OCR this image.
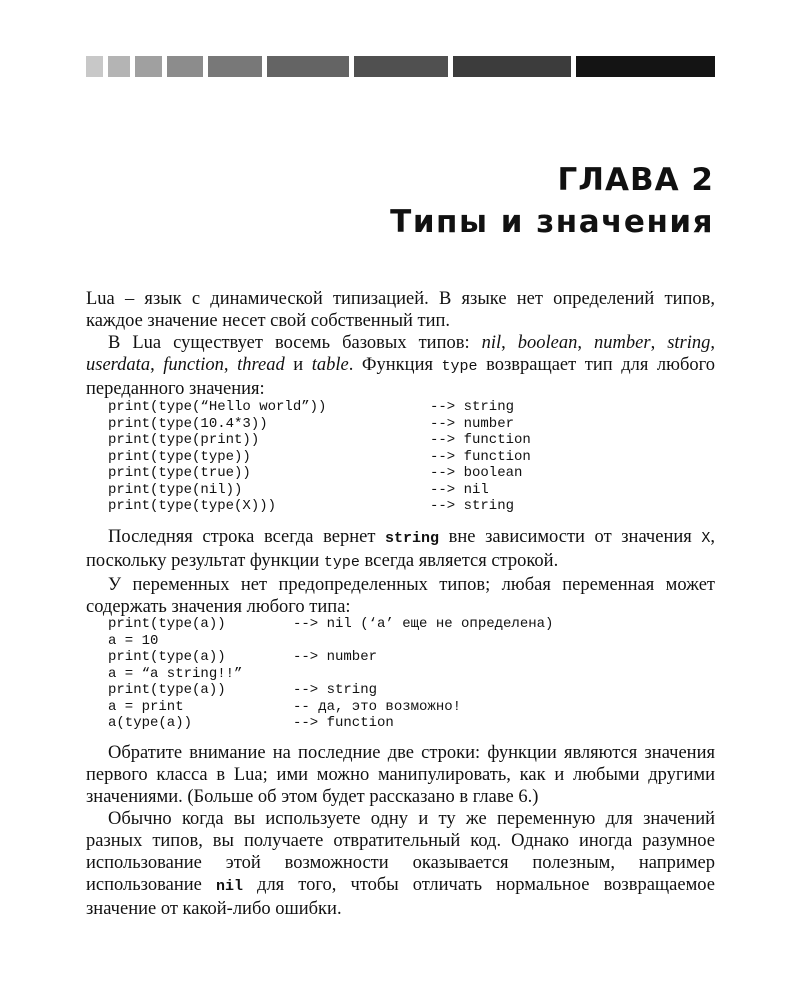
ГЛАВА 2
Типы и значения

Lua – язык с динамической типизацией. В языке нет определений типов, каждое значение несет свой собственный тип.

В Lua существует восемь базовых типов: nil, boolean, number, string, userdata, function, thread и table. Функция type возвращает тип для любого переданного значения:

print(type(“Hello world”))	--> string
print(type(10.4*3))	--> number
print(type(print))	--> function
print(type(type))	--> function
print(type(true))	--> boolean
print(type(nil))	--> nil
print(type(type(X)))	--> string

Последняя строка всегда вернет string вне зависимости от значения X, поскольку результат функции type всегда является строкой.

У переменных нет предопределенных типов; любая переменная может содержать значения любого типа:

print(type(a))	--> nil (‘a’ еще не определена)
a = 10
print(type(a))	--> number
a = “a string!!”
print(type(a))	--> string
a = print	-- да, это возможно!
a(type(a))	--> function

Обратите внимание на последние две строки: функции являются значения первого класса в Lua; ими можно манипулировать, как и любыми другими значениями. (Больше об этом будет рассказано в главе 6.)

Обычно когда вы используете одну и ту же переменную для значений разных типов, вы получаете отвратительный код. Однако иногда разумное использование этой возможности оказывается полезным, например использование nil для того, чтобы отличать нормальное возвращаемое значение от какой-либо ошибки.
